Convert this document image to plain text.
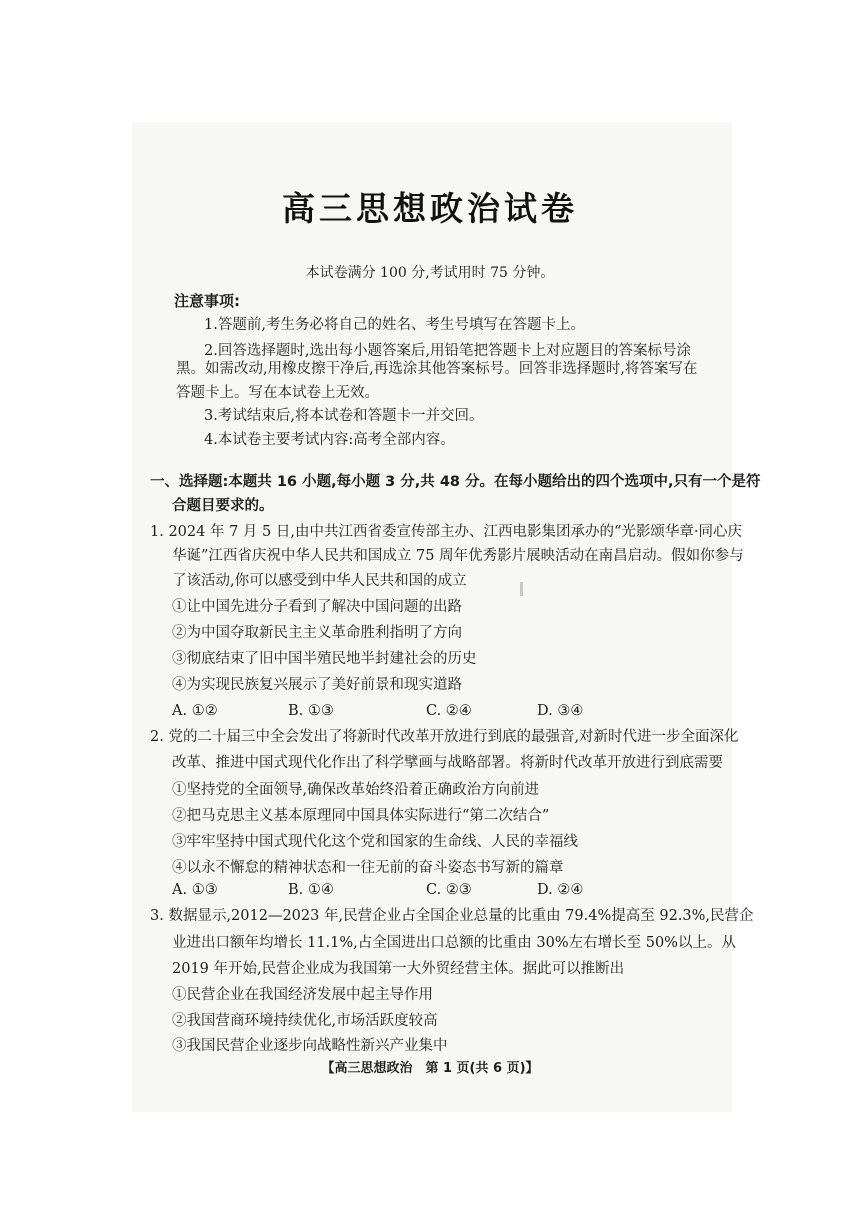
高三思想政治试卷
本试卷满分 100 分,考试用时 75 分钟。
注意事项:
1.答题前,考生务必将自己的姓名、考生号填写在答题卡上。
2.回答选择题时,选出每小题答案后,用铅笔把答题卡上对应题目的答案标号涂
黑。如需改动,用橡皮擦干净后,再选涂其他答案标号。回答非选择题时,将答案写在
答题卡上。写在本试卷上无效。
3.考试结束后,将本试卷和答题卡一并交回。
4.本试卷主要考试内容:高考全部内容。
一、选择题:本题共 16 小题,每小题 3 分,共 48 分。在每小题给出的四个选项中,只有一个是符
合题目要求的。
1. 2024 年 7 月 5 日,由中共江西省委宣传部主办、江西电影集团承办的“光影颂华章·同心庆
华诞”江西省庆祝中华人民共和国成立 75 周年优秀影片展映活动在南昌启动。假如你参与
了该活动,你可以感受到中华人民共和国的成立
①让中国先进分子看到了解决中国问题的出路
②为中国夺取新民主主义革命胜利指明了方向
③彻底结束了旧中国半殖民地半封建社会的历史
④为实现民族复兴展示了美好前景和现实道路
A. ①②	B. ①③	C. ②④	D. ③④
2. 党的二十届三中全会发出了将新时代改革开放进行到底的最强音,对新时代进一步全面深化
改革、推进中国式现代化作出了科学擘画与战略部署。将新时代改革开放进行到底需要
①坚持党的全面领导,确保改革始终沿着正确政治方向前进
②把马克思主义基本原理同中国具体实际进行“第二次结合”
③牢牢坚持中国式现代化这个党和国家的生命线、人民的幸福线
④以永不懈怠的精神状态和一往无前的奋斗姿态书写新的篇章
A. ①③	B. ①④	C. ②③	D. ②④
3. 数据显示,2012—2023 年,民营企业占全国企业总量的比重由 79.4%提高至 92.3%,民营企
业进出口额年均增长 11.1%,占全国进出口总额的比重由 30%左右增长至 50%以上。从
2019 年开始,民营企业成为我国第一大外贸经营主体。据此可以推断出
①民营企业在我国经济发展中起主导作用
②我国营商环境持续优化,市场活跃度较高
③我国民营企业逐步向战略性新兴产业集中
【高三思想政治　第 1 页(共 6 页)】
